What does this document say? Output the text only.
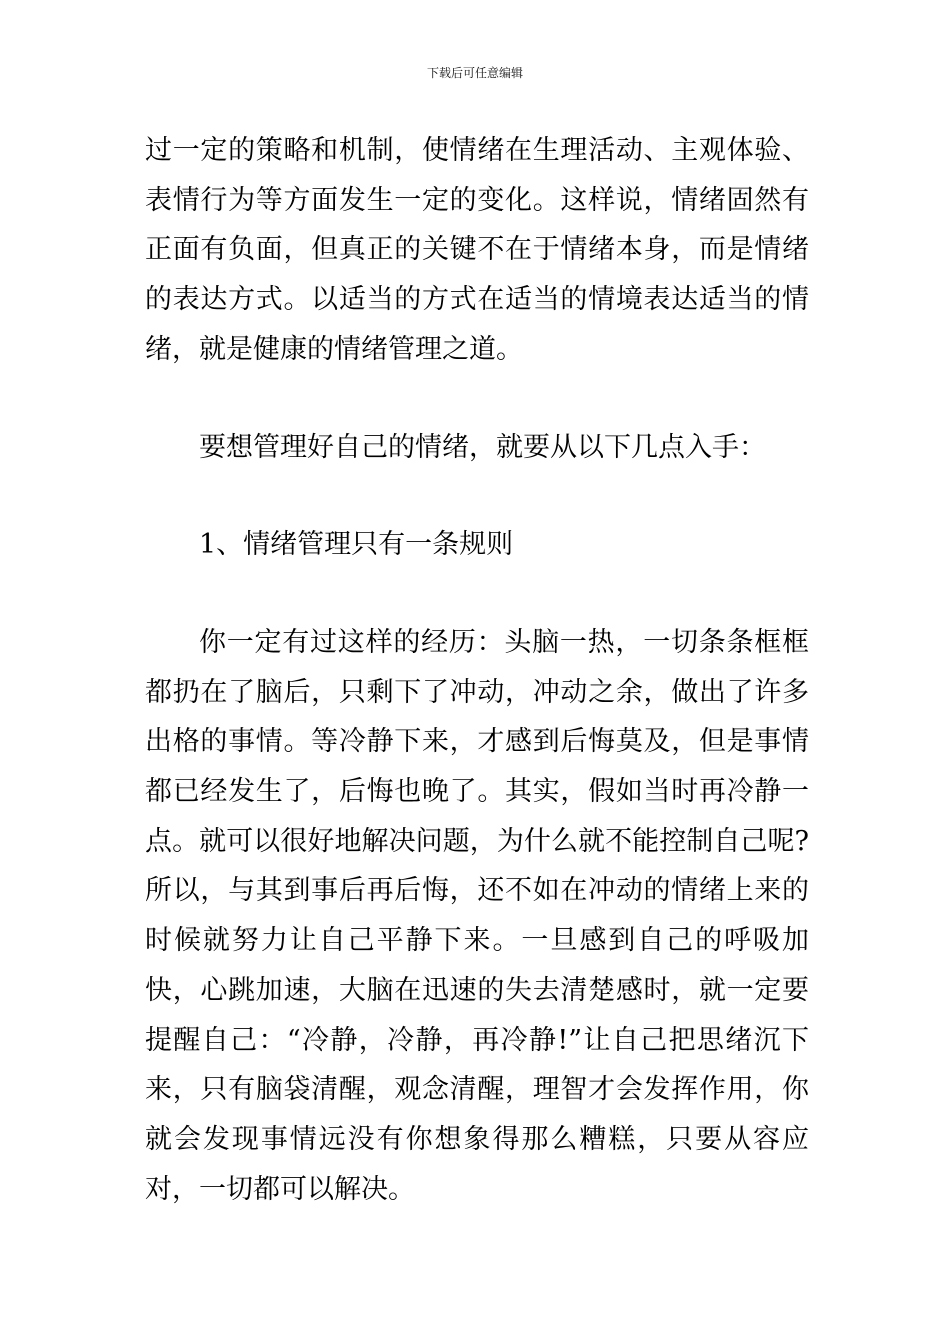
下载后可任意编辑

过一定的策略和机制，使情绪在生理活动、主观体验、表情行为等方面发生一定的变化。这样说，情绪固然有正面有负面，但真正的关键不在于情绪本身，而是情绪的表达方式。以适当的方式在适当的情境表达适当的情绪，就是健康的情绪管理之道。

要想管理好自己的情绪，就要从以下几点入手：

1、情绪管理只有一条规则

你一定有过这样的经历：头脑一热，一切条条框框都扔在了脑后，只剩下了冲动，冲动之余，做出了许多出格的事情。等冷静下来，才感到后悔莫及，但是事情都已经发生了，后悔也晚了。其实，假如当时再冷静一点。就可以很好地解决问题，为什么就不能控制自己呢?所以，与其到事后再后悔，还不如在冲动的情绪上来的时候就努力让自己平静下来。一旦感到自己的呼吸加快，心跳加速，大脑在迅速的失去清楚感时，就一定要提醒自己：“冷静，冷静，再冷静!”让自己把思绪沉下来，只有脑袋清醒，观念清醒，理智才会发挥作用，你就会发现事情远没有你想象得那么糟糕，只要从容应对，一切都可以解决。
